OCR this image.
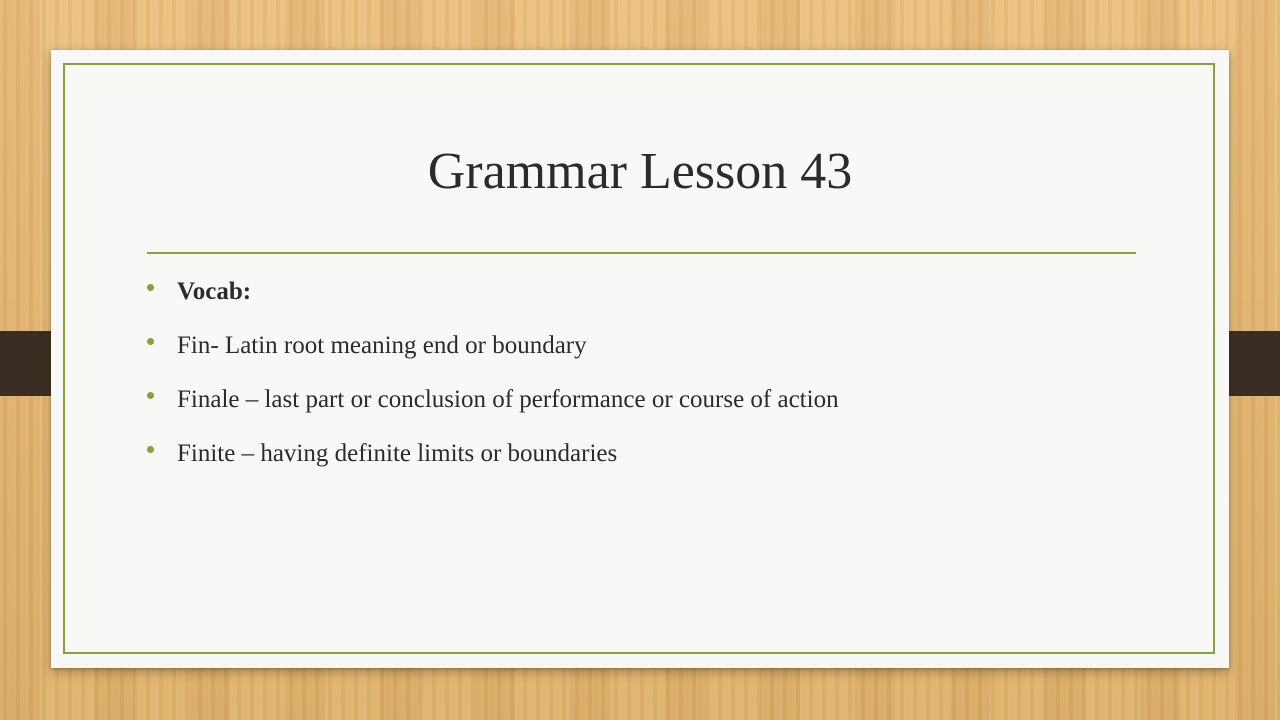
Grammar Lesson 43
Vocab:
Fin- Latin root meaning end or boundary
Finale – last part or conclusion of performance or course of action
Finite – having definite limits or boundaries
